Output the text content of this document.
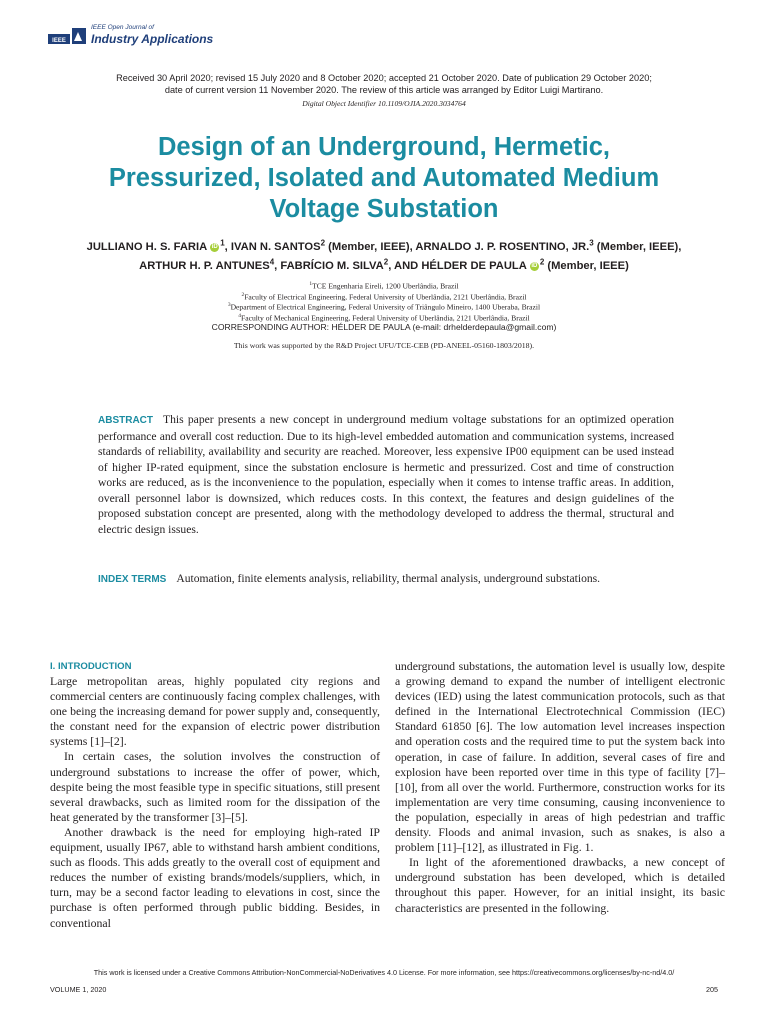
IEEE
IEEE Open Journal of
Industry Applications
Received 30 April 2020; revised 15 July 2020 and 8 October 2020; accepted 21 October 2020. Date of publication 29 October 2020;
date of current version 11 November 2020. The review of this article was arranged by Editor Luigi Martirano.
Digital Object Identifier 10.1109/OJIA.2020.3034764
Design of an Underground, Hermetic,
Pressurized, Isolated and Automated Medium
Voltage Substation
JULLIANO H. S. FARIA iD $^1$, IVAN N. SANTOS$^2$ (Member, IEEE), ARNALDO J. P. ROSENTINO, JR.$^3$ (Member, IEEE),
ARTHUR H. P. ANTUNES$^4$, FABRÍCIO M. SILVA$^2$, AND HÉLDER DE PAULA iD $^2$ (Member, IEEE)
$^1$TCE Engenharia Eireli, 1200 Uberlândia, Brazil
$^2$Faculty of Electrical Engineering, Federal University of Uberlândia, 2121 Uberlândia, Brazil
$^3$Department of Electrical Engineering, Federal University of Triângulo Mineiro, 1400 Uberaba, Brazil
$^4$Faculty of Mechanical Engineering, Federal University of Uberlândia, 2121 Uberlândia, Brazil
CORRESPONDING AUTHOR: HÉLDER DE PAULA (e-mail: drhelderdepaula@gmail.com)
This work was supported by the R&D Project UFU/TCE-CEB (PD-ANEEL-05160-1803/2018).
ABSTRACT This paper presents a new concept in underground medium voltage substations for an optimized operation performance and overall cost reduction. Due to its high-level embedded automation and communication systems, increased standards of reliability, availability and security are reached. Moreover, less expensive IP00 equipment can be used instead of higher IP-rated equipment, since the substation enclosure is hermetic and pressurized. Cost and time of construction works are reduced, as is the inconvenience to the population, especially when it comes to intense traffic areas. In addition, overall personnel labor is downsized, which reduces costs. In this context, the features and design guidelines of the proposed substation concept are presented, along with the methodology developed to address the thermal, structural and electric design issues.
INDEX TERMS Automation, finite elements analysis, reliability, thermal analysis, underground substations.
I. INTRODUCTION

Large metropolitan areas, highly populated city regions and commercial centers are continuously facing complex challenges, with one being the increasing demand for power supply and, consequently, the constant need for the expansion of electric power distribution systems [1]–[2].

In certain cases, the solution involves the construction of underground substations to increase the offer of power, which, despite being the most feasible type in specific situations, still present several drawbacks, such as limited room for the dissipation of the heat generated by the transformer [3]–[5].

Another drawback is the need for employing high-rated IP equipment, usually IP67, able to withstand harsh ambient conditions, such as floods. This adds greatly to the overall cost of equipment and reduces the number of existing brands/models/suppliers, which, in turn, may be a second factor leading to elevations in cost, since the purchase is often performed through public bidding. Besides, in conventional

underground substations, the automation level is usually low, despite a growing demand to expand the number of intelligent electronic devices (IED) using the latest communication protocols, such as that defined in the International Electrotechnical Commission (IEC) Standard 61850 [6]. The low automation level increases inspection and operation costs and the required time to put the system back into operation, in case of failure. In addition, several cases of fire and explosion have been reported over time in this type of facility [7]–[10], from all over the world. Furthermore, construction works for its implementation are very time consuming, causing inconvenience to the population, especially in areas of high pedestrian and traffic density. Floods and animal invasion, such as snakes, is also a problem [11]–[12], as illustrated in Fig. 1.

In light of the aforementioned drawbacks, a new concept of underground substation has been developed, which is detailed throughout this paper. However, for an initial insight, its basic characteristics are presented in the following.

This work is licensed under a Creative Commons Attribution-NonCommercial-NoDerivatives 4.0 License. For more information, see https://creativecommons.org/licenses/by-nc-nd/4.0/
VOLUME 1, 2020	205
